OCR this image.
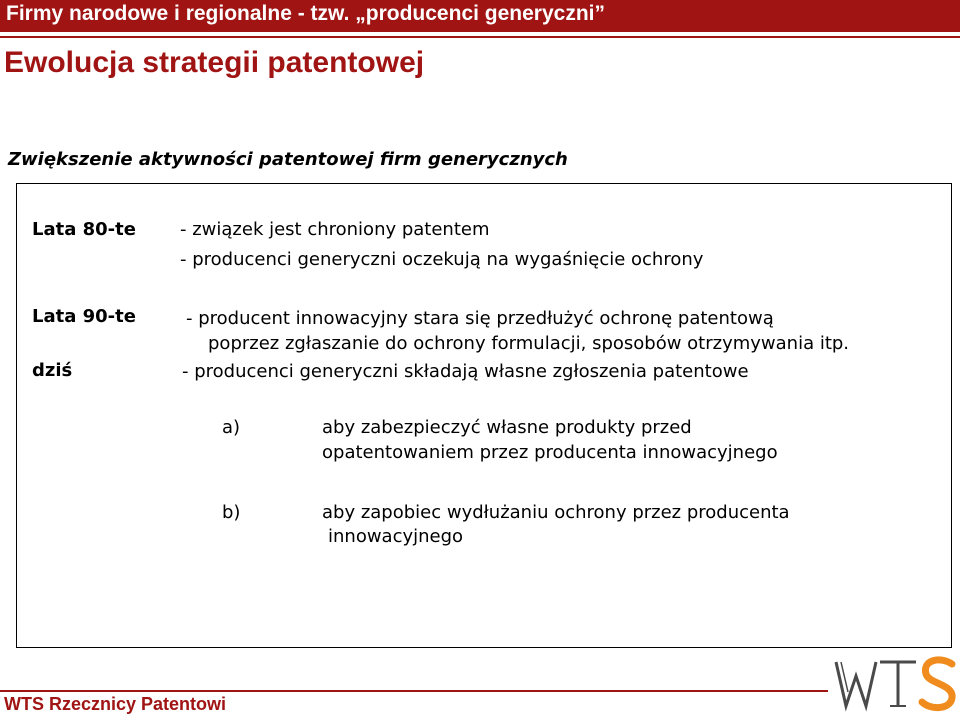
Firmy narodowe i regionalne - tzw. „producenci generyczni”
Ewolucja strategii patentowej
Zwiększenie aktywności patentowej firm generycznych
Lata 80-te
Lata 90-te
dziś
- związek jest chroniony patentem
- producenci generyczni oczekują na wygaśnięcie ochrony
- producent innowacyjny stara się przedłużyć ochronę patentową
poprzez zgłaszanie do ochrony formulacji, sposobów otrzymywania itp.
- producenci generyczni składają własne zgłoszenia patentowe
a)	aby zabezpieczyć własne produkty przed
opatentowaniem przez producenta innowacyjnego
b)	aby zapobiec wydłużaniu ochrony przez producenta
innowacyjnego
WTS Rzecznicy Patentowi
